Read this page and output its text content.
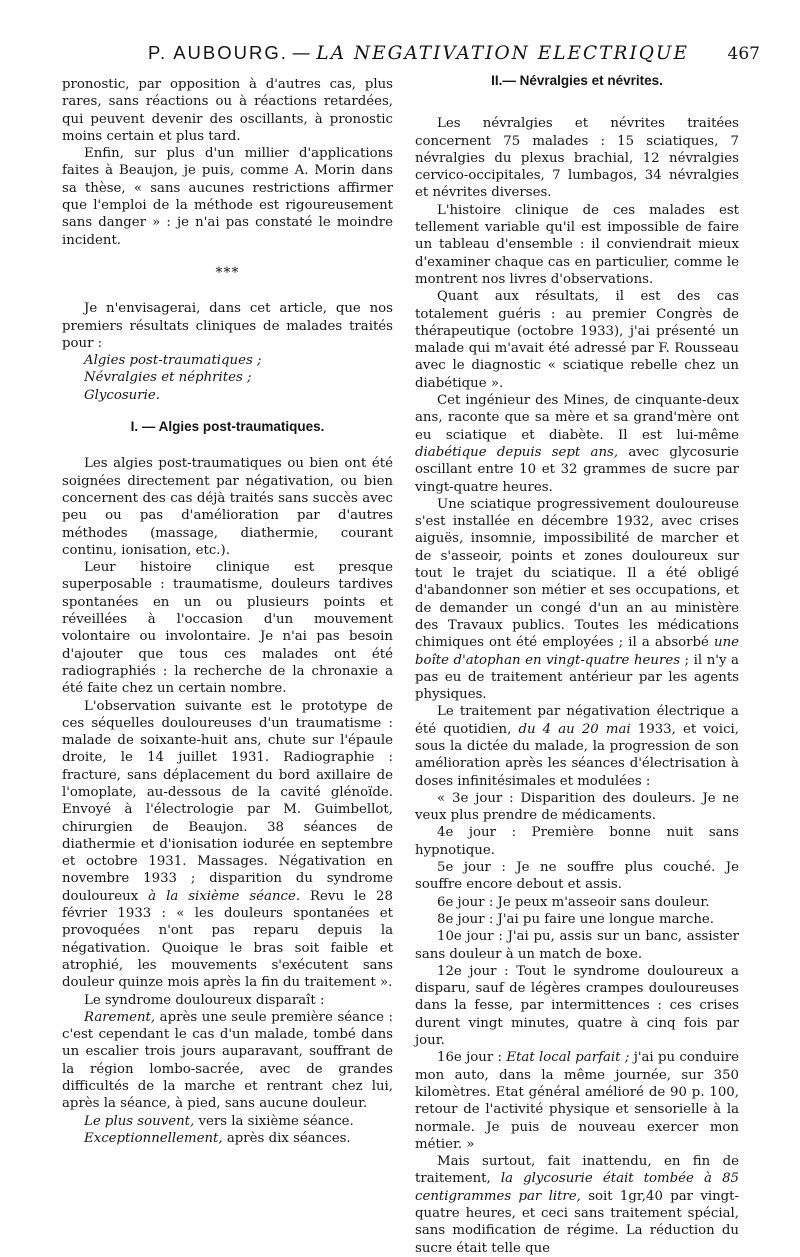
P. AUBOURG. — LA NEGATIVATION ELECTRIQUE 467

pronostic, par opposition à d'autres cas, plus rares, sans réactions ou à réactions retardées, qui peuvent devenir des oscillants, à pronostic moins certain et plus tard.

Enfin, sur plus d'un millier d'applications faites à Beaujon, je puis, comme A. Morin dans sa thèse, « sans aucunes restrictions affirmer que l'emploi de la méthode est rigoureusement sans danger » : je n'ai pas constaté le moindre incident.

***

Je n'envisagerai, dans cet article, que nos premiers résultats cliniques de malades traités pour :

Algies post-traumatiques ;

Névralgies et néphrites ;

Glycosurie.

I. — Algies post-traumatiques.

Les algies post-traumatiques ou bien ont été soignées directement par négativation, ou bien concernent des cas déjà traités sans succès avec peu ou pas d'amélioration par d'autres méthodes (massage, diathermie, courant continu, ionisation, etc.).

Leur histoire clinique est presque superposable : traumatisme, douleurs tardives spontanées en un ou plusieurs points et réveillées à l'occasion d'un mouvement volontaire ou involontaire. Je n'ai pas besoin d'ajouter que tous ces malades ont été radiographiés : la recherche de la chronaxie a été faite chez un certain nombre.

L'observation suivante est le prototype de ces séquelles douloureuses d'un traumatisme : malade de soixante-huit ans, chute sur l'épaule droite, le 14 juillet 1931. Radiographie : fracture, sans déplacement du bord axillaire de l'omoplate, au-dessous de la cavité glénoïde. Envoyé à l'électrologie par M. Guimbellot, chirurgien de Beaujon. 38 séances de diathermie et d'ionisation iodurée en septembre et octobre 1931. Massages. Négativation en novembre 1933 ; disparition du syndrome douloureux à la sixième séance. Revu le 28 février 1933 : « les douleurs spontanées et provoquées n'ont pas reparu depuis la négativation. Quoique le bras soit faible et atrophié, les mouvements s'exécutent sans douleur quinze mois après la fin du traitement ».

Le syndrome douloureux disparaît :

Rarement, après une seule première séance : c'est cependant le cas d'un malade, tombé dans un escalier trois jours auparavant, souffrant de la région lombo-sacrée, avec de grandes difficultés de la marche et rentrant chez lui, après la séance, à pied, sans aucune douleur.

Le plus souvent, vers la sixième séance.

Exceptionnellement, après dix séances.

II.— Névralgies et névrites.

Les névralgies et névrites traitées concernent 75 malades : 15 sciatiques, 7 névralgies du plexus brachial, 12 névralgies cervico-occipitales, 7 lumbagos, 34 névralgies et névrites diverses.

L'histoire clinique de ces malades est tellement variable qu'il est impossible de faire un tableau d'ensemble : il conviendrait mieux d'examiner chaque cas en particulier, comme le montrent nos livres d'observations.

Quant aux résultats, il est des cas totalement guéris : au premier Congrès de thérapeutique (octobre 1933), j'ai présenté un malade qui m'avait été adressé par F. Rousseau avec le diagnostic « sciatique rebelle chez un diabétique ».

Cet ingénieur des Mines, de cinquante-deux ans, raconte que sa mère et sa grand'mère ont eu sciatique et diabète. Il est lui-même diabétique depuis sept ans, avec glycosurie oscillant entre 10 et 32 grammes de sucre par vingt-quatre heures.

Une sciatique progressivement douloureuse s'est installée en décembre 1932, avec crises aiguës, insomnie, impossibilité de marcher et de s'asseoir, points et zones douloureux sur tout le trajet du sciatique. Il a été obligé d'abandonner son métier et ses occupations, et de demander un congé d'un an au ministère des Travaux publics. Toutes les médications chimiques ont été employées ; il a absorbé une boîte d'atophan en vingt-quatre heures ; il n'y a pas eu de traitement antérieur par les agents physiques.

Le traitement par négativation électrique a été quotidien, du 4 au 20 mai 1933, et voici, sous la dictée du malade, la progression de son amélioration après les séances d'électrisation à doses infinitésimales et modulées :

« 3e jour : Disparition des douleurs. Je ne veux plus prendre de médicaments.

4e jour : Première bonne nuit sans hypnotique.

5e jour : Je ne souffre plus couché. Je souffre encore debout et assis.

6e jour : Je peux m'asseoir sans douleur.

8e jour : J'ai pu faire une longue marche.

10e jour : J'ai pu, assis sur un banc, assister sans douleur à un match de boxe.

12e jour : Tout le syndrome douloureux a disparu, sauf de légères crampes douloureuses dans la fesse, par intermittences : ces crises durent vingt minutes, quatre à cinq fois par jour.

16e jour : Etat local parfait ; j'ai pu conduire mon auto, dans la même journée, sur 350 kilomètres. Etat général amélioré de 90 p. 100, retour de l'activité physique et sensorielle à la normale. Je puis de nouveau exercer mon métier. »

Mais surtout, fait inattendu, en fin de traitement, la glycosurie était tombée à 85 centigrammes par litre, soit 1gr,40 par vingt-quatre heures, et ceci sans traitement spécial, sans modification de régime. La réduction du sucre était telle que
